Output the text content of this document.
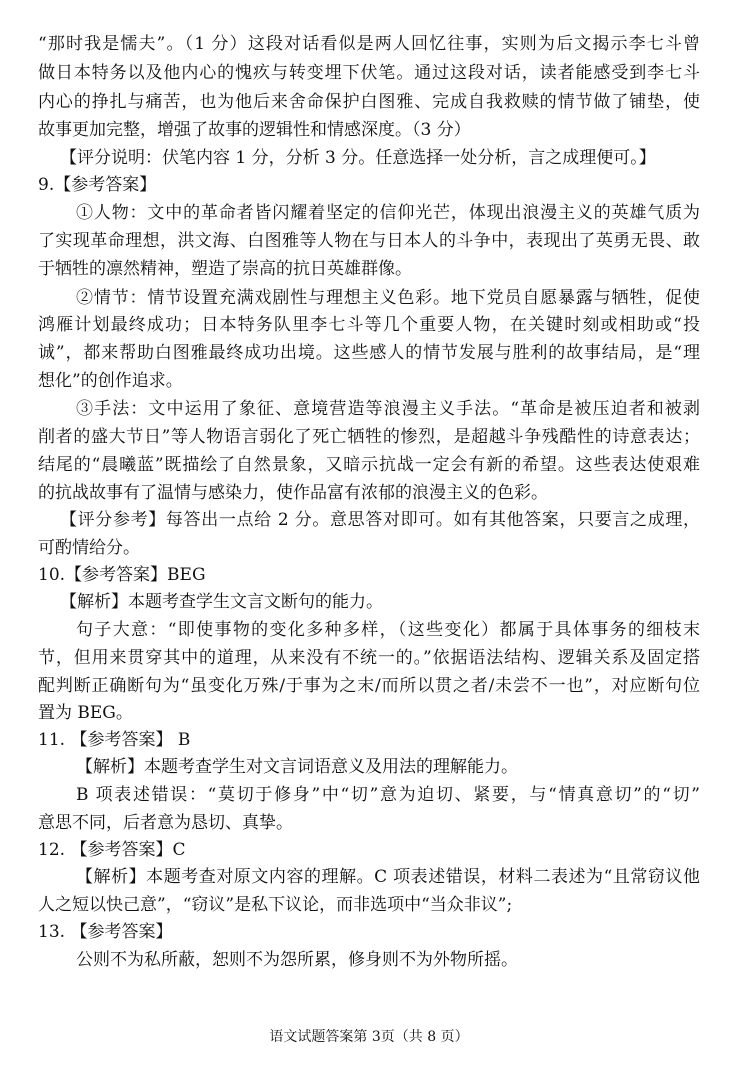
“那时我是懦夫”。（1 分）这段对话看似是两人回忆往事，实则为后文揭示李七斗曾
做日本特务以及他内心的愧疚与转变埋下伏笔。通过这段对话，读者能感受到李七斗
内心的挣扎与痛苦，也为他后来舍命保护白图雅、完成自我救赎的情节做了铺垫，使
故事更加完整，增强了故事的逻辑性和情感深度。（3 分）
【评分说明：伏笔内容 1 分，分析 3 分。任意选择一处分析，言之成理便可。】
9.【参考答案】
①人物：文中的革命者皆闪耀着坚定的信仰光芒，体现出浪漫主义的英雄气质为
了实现革命理想，洪文海、白图雅等人物在与日本人的斗争中，表现出了英勇无畏、敢
于牺牲的凛然精神，塑造了崇高的抗日英雄群像。
②情节：情节设置充满戏剧性与理想主义色彩。地下党员自愿暴露与牺牲，促使
鸿雁计划最终成功；日本特务队里李七斗等几个重要人物，在关键时刻或相助或“投
诚”，都来帮助白图雅最终成功出境。这些感人的情节发展与胜利的故事结局，是“理
想化”的创作追求。
③手法：文中运用了象征、意境营造等浪漫主义手法。“革命是被压迫者和被剥
削者的盛大节日”等人物语言弱化了死亡牺牲的惨烈，是超越斗争残酷性的诗意表达；
结尾的“晨曦蓝”既描绘了自然景象，又暗示抗战一定会有新的希望。这些表达使艰难
的抗战故事有了温情与感染力，使作品富有浓郁的浪漫主义的色彩。
【评分参考】每答出一点给 2 分。意思答对即可。如有其他答案，只要言之成理，
可酌情给分。
10.【参考答案】BEG
【解析】本题考查学生文言文断句的能力。
句子大意：“即使事物的变化多种多样，（这些变化）都属于具体事务的细枝末
节，但用来贯穿其中的道理，从来没有不统一的。”依据语法结构、逻辑关系及固定搭
配判断正确断句为“虽变化万殊/于事为之末/而所以贯之者/未尝不一也”，对应断句位
置为 BEG。
11. 【参考答案】 B
【解析】本题考查学生对文言词语意义及用法的理解能力。
B 项表述错误：“莫切于修身”中“切”意为迫切、紧要，与“情真意切”的“切”
意思不同，后者意为恳切、真挚。
12. 【参考答案】C
【解析】本题考查对原文内容的理解。C 项表述错误，材料二表述为“且常窃议他
人之短以快己意”，“窃议”是私下议论，而非选项中“当众非议”;
13. 【参考答案】
公则不为私所蔽，恕则不为怨所累，修身则不为外物所摇。
语文试题答案第 3页（共 8 页）
